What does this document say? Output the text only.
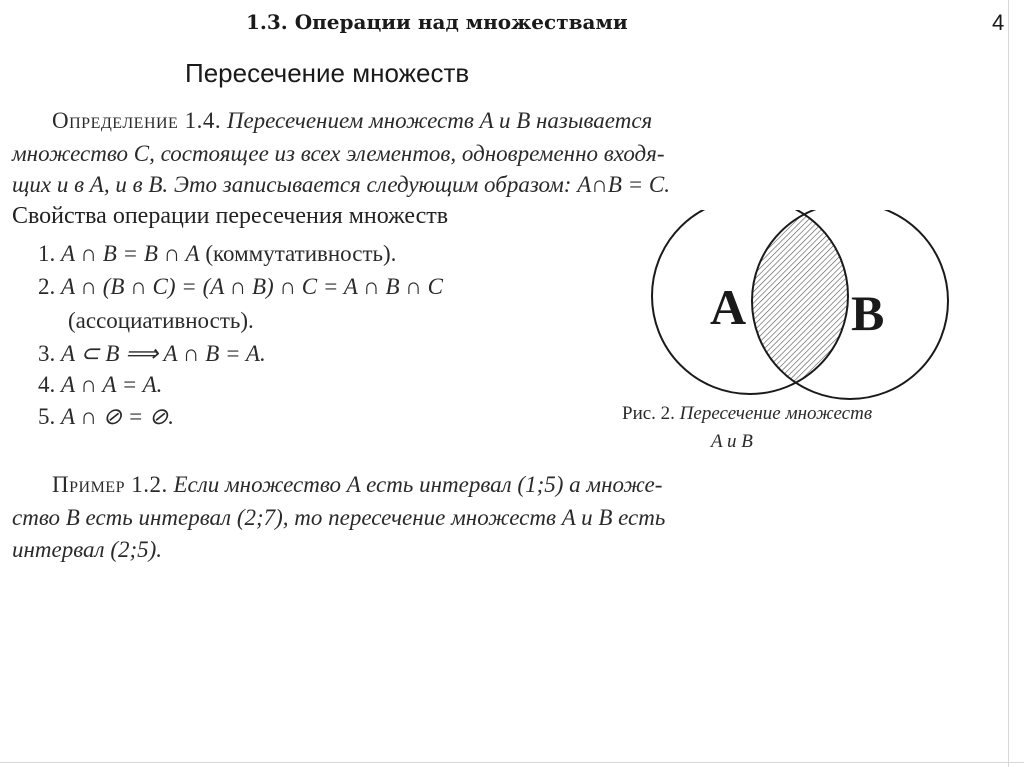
1.3. Операции над множествами	4
Пересечение множеств
Определение 1.4. Пересечением множеств A и B называется
множество C, состоящее из всех элементов, одновременно входя-
щих и в A, и в B. Это записывается следующим образом: A∩B = C.
Свойства операции пересечения множеств
1. A ∩ B = B ∩ A (коммутативность).
2. A ∩ (B ∩ C) = (A ∩ B) ∩ C = A ∩ B ∩ C
(ассоциативность).
3. A ⊂ B ⟹ A ∩ B = A.
4. A ∩ A = A.
5. A ∩ ⊘ = ⊘.
A B
Рис. 2. Пересечение множеств
A и B
Пример 1.2. Если множество A есть интервал (1;5) а множе-
ство B есть интервал (2;7), то пересечение множеств A и B есть
интервал (2;5).
